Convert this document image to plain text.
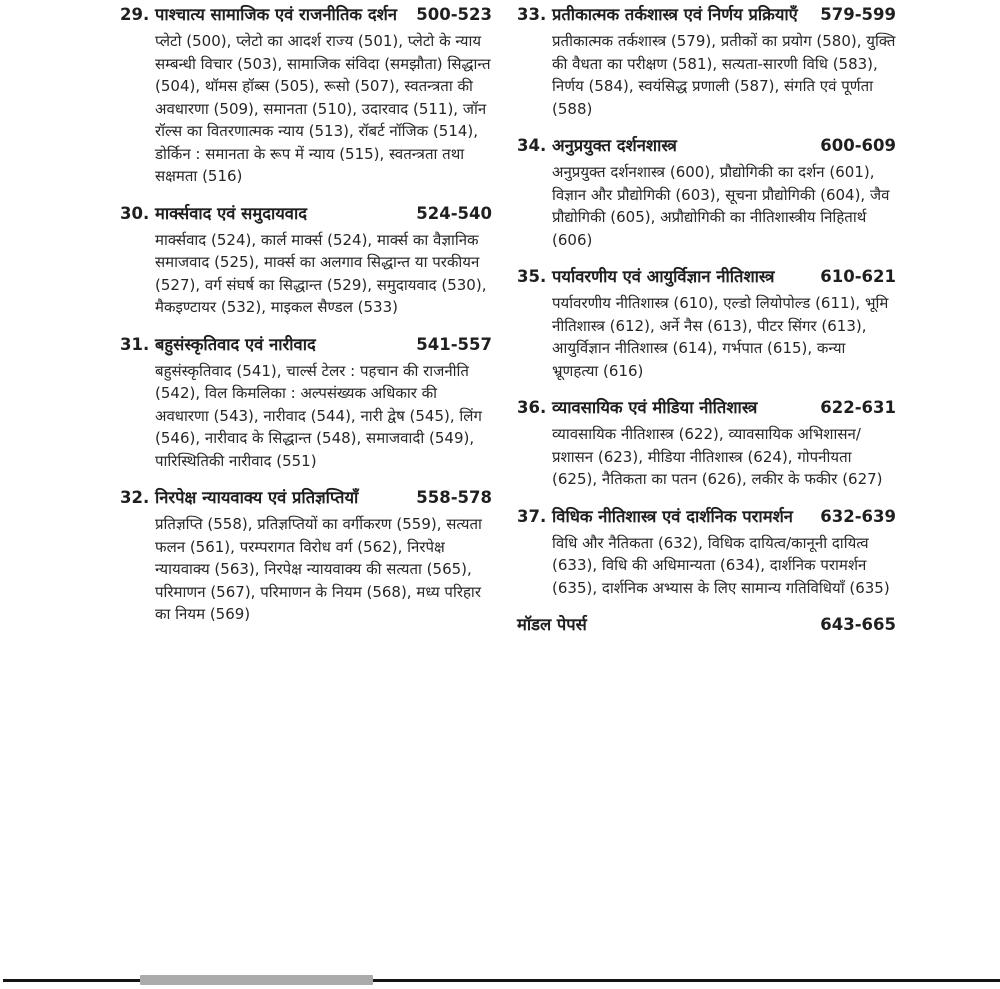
29. पाश्चात्य सामाजिक एवं राजनीतिक दर्शन	500-523
प्लेटो (500), प्लेटो का आदर्श राज्य (501), प्लेटो के न्याय सम्बन्धी विचार (503), सामाजिक संविदा (समझौता) सिद्धान्त (504), थॉमस हॉब्स (505), रूसो (507), स्वतन्त्रता की अवधारणा (509), समानता (510), उदारवाद (511), जॉन रॉल्स का वितरणात्मक न्याय (513), रॉबर्ट नॉजिक (514), डोर्किन : समानता के रूप में न्याय (515), स्वतन्त्रता तथा सक्षमता (516)
30. मार्क्सवाद एवं समुदायवाद	524-540
मार्क्सवाद (524), कार्ल मार्क्स (524), मार्क्स का वैज्ञानिक समाजवाद (525), मार्क्स का अलगाव सिद्धान्त या परकीयन (527), वर्ग संघर्ष का सिद्धान्त (529), समुदायवाद (530), मैकइण्टायर (532), माइकल सैण्डल (533)
31. बहुसंस्कृतिवाद एवं नारीवाद	541-557
बहुसंस्कृतिवाद (541), चार्ल्स टेलर : पहचान की राजनीति (542), विल किमलिका : अल्पसंख्यक अधिकार की अवधारणा (543), नारीवाद (544), नारी द्वेष (545), लिंग (546), नारीवाद के सिद्धान्त (548), समाजवादी (549), पारिस्थितिकी नारीवाद (551)
32. निरपेक्ष न्यायवाक्य एवं प्रतिज्ञप्तियाँ	558-578
प्रतिज्ञप्ति (558), प्रतिज्ञप्तियों का वर्गीकरण (559), सत्यता फलन (561), परम्परागत विरोध वर्ग (562), निरपेक्ष न्यायवाक्य (563), निरपेक्ष न्यायवाक्य की सत्यता (565), परिमाणन (567), परिमाणन के नियम (568), मध्य परिहार का नियम (569)
33. प्रतीकात्मक तर्कशास्त्र एवं निर्णय प्रक्रियाएँ	579-599
प्रतीकात्मक तर्कशास्त्र (579), प्रतीकों का प्रयोग (580), युक्ति की वैधता का परीक्षण (581), सत्यता-सारणी विधि (583), निर्णय (584), स्वयंसिद्ध प्रणाली (587), संगति एवं पूर्णता (588)
34. अनुप्रयुक्त दर्शनशास्त्र	600-609
अनुप्रयुक्त दर्शनशास्त्र (600), प्रौद्योगिकी का दर्शन (601), विज्ञान और प्रौद्योगिकी (603), सूचना प्रौद्योगिकी (604), जैव प्रौद्योगिकी (605), अप्रौद्योगिकी का नीतिशास्त्रीय निहितार्थ (606)
35. पर्यावरणीय एवं आयुर्विज्ञान नीतिशास्त्र	610-621
पर्यावरणीय नीतिशास्त्र (610), एल्डो लियोपोल्ड (611), भूमि नीतिशास्त्र (612), अर्ने नैस (613), पीटर सिंगर (613), आयुर्विज्ञान नीतिशास्त्र (614), गर्भपात (615), कन्या भ्रूणहत्या (616)
36. व्यावसायिक एवं मीडिया नीतिशास्त्र	622-631
व्यावसायिक नीतिशास्त्र (622), व्यावसायिक अभिशासन/प्रशासन (623), मीडिया नीतिशास्त्र (624), गोपनीयता (625), नैतिकता का पतन (626), लकीर के फकीर (627)
37. विधिक नीतिशास्त्र एवं दार्शनिक परामर्शन	632-639
विधि और नैतिकता (632), विधिक दायित्व/कानूनी दायित्व (633), विधि की अधिमान्यता (634), दार्शनिक परामर्शन (635), दार्शनिक अभ्यास के लिए सामान्य गतिविधियाँ (635)
मॉडल पेपर्स	643-665
